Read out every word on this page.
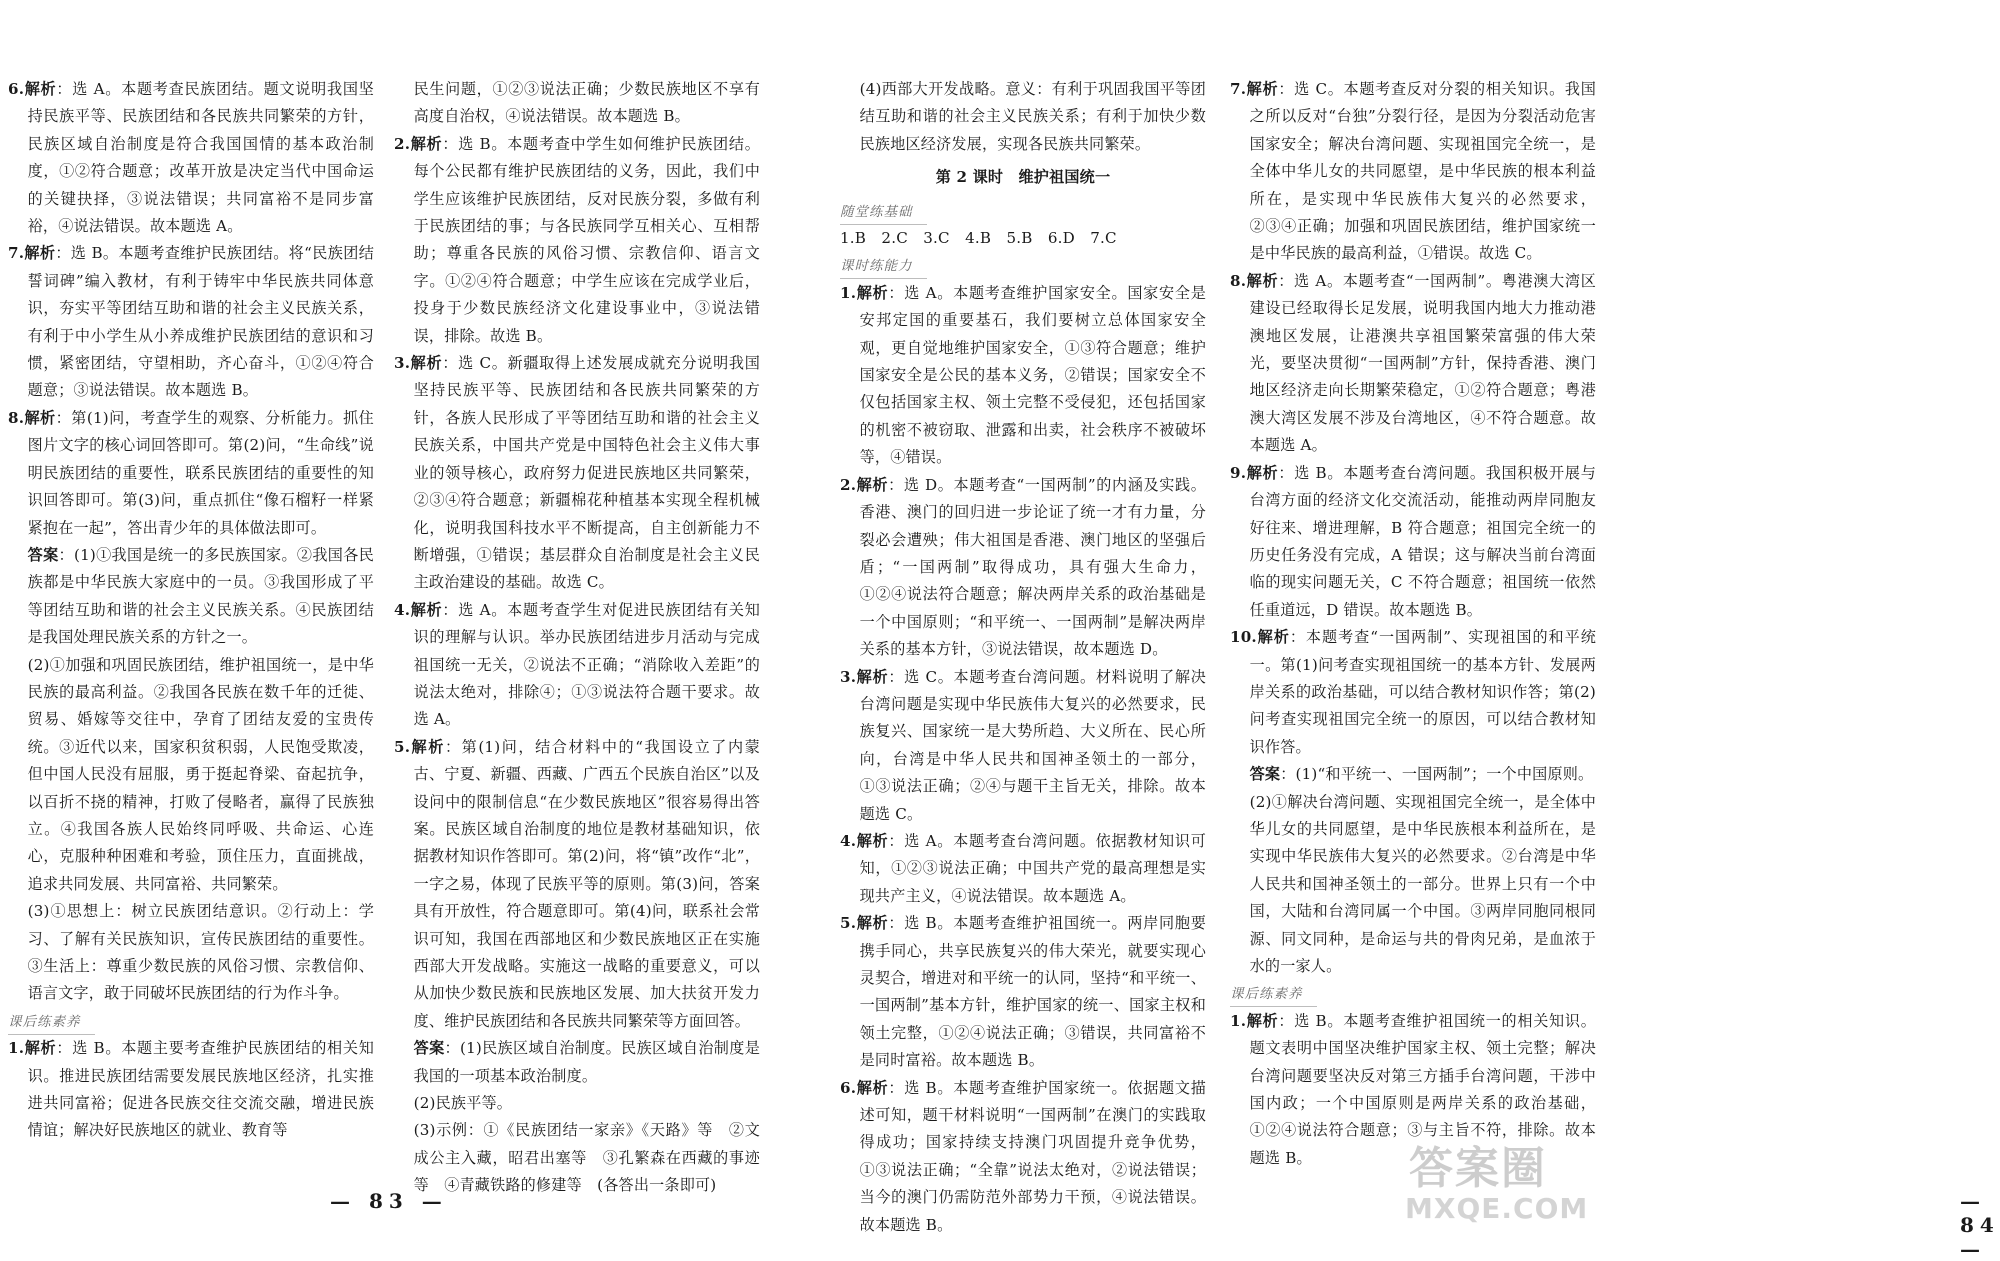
6.解析：选 A。本题考查民族团结。题文说明我国坚持民族平等、民族团结和各民族共同繁荣的方针，民族区域自治制度是符合我国国情的基本政治制度，①②符合题意；改革开放是决定当代中国命运的关键抉择，③说法错误；共同富裕不是同步富裕，④说法错误。故本题选 A。

7.解析：选 B。本题考查维护民族团结。将“民族团结誓词碑”编入教材，有利于铸牢中华民族共同体意识，夯实平等团结互助和谐的社会主义民族关系，有利于中小学生从小养成维护民族团结的意识和习惯，紧密团结，守望相助，齐心奋斗，①②④符合题意；③说法错误。故本题选 B。

8.解析：第(1)问，考查学生的观察、分析能力。抓住图片文字的核心词回答即可。第(2)问，“生命线”说明民族团结的重要性，联系民族团结的重要性的知识回答即可。第(3)问，重点抓住“像石榴籽一样紧紧抱在一起”，答出青少年的具体做法即可。

答案：(1)①我国是统一的多民族国家。②我国各民族都是中华民族大家庭中的一员。③我国形成了平等团结互助和谐的社会主义民族关系。④民族团结是我国处理民族关系的方针之一。

(2)①加强和巩固民族团结，维护祖国统一，是中华民族的最高利益。②我国各民族在数千年的迁徙、贸易、婚嫁等交往中，孕育了团结友爱的宝贵传统。③近代以来，国家积贫积弱，人民饱受欺凌，但中国人民没有屈服，勇于挺起脊梁、奋起抗争，以百折不挠的精神，打败了侵略者，赢得了民族独立。④我国各族人民始终同呼吸、共命运、心连心，克服种种困难和考验，顶住压力，直面挑战，追求共同发展、共同富裕、共同繁荣。

(3)①思想上：树立民族团结意识。②行动上：学习、了解有关民族知识，宣传民族团结的重要性。③生活上：尊重少数民族的风俗习惯、宗教信仰、语言文字，敢于同破坏民族团结的行为作斗争。

课后练素养

1.解析：选 B。本题主要考查维护民族团结的相关知识。推进民族团结需要发展民族地区经济，扎实推进共同富裕；促进各民族交往交流交融，增进民族情谊；解决好民族地区的就业、教育等

民生问题，①②③说法正确；少数民族地区不享有高度自治权，④说法错误。故本题选 B。

2.解析：选 B。本题考查中学生如何维护民族团结。每个公民都有维护民族团结的义务，因此，我们中学生应该维护民族团结，反对民族分裂，多做有利于民族团结的事；与各民族同学互相关心、互相帮助；尊重各民族的风俗习惯、宗教信仰、语言文字。①②④符合题意；中学生应该在完成学业后，投身于少数民族经济文化建设事业中，③说法错误，排除。故选 B。

3.解析：选 C。新疆取得上述发展成就充分说明我国坚持民族平等、民族团结和各民族共同繁荣的方针，各族人民形成了平等团结互助和谐的社会主义民族关系，中国共产党是中国特色社会主义伟大事业的领导核心，政府努力促进民族地区共同繁荣，②③④符合题意；新疆棉花种植基本实现全程机械化，说明我国科技水平不断提高，自主创新能力不断增强，①错误；基层群众自治制度是社会主义民主政治建设的基础。故选 C。

4.解析：选 A。本题考查学生对促进民族团结有关知识的理解与认识。举办民族团结进步月活动与完成祖国统一无关，②说法不正确；“消除收入差距”的说法太绝对，排除④；①③说法符合题干要求。故选 A。

5.解析：第(1)问，结合材料中的“我国设立了内蒙古、宁夏、新疆、西藏、广西五个民族自治区”以及设问中的限制信息“在少数民族地区”很容易得出答案。民族区域自治制度的地位是教材基础知识，依据教材知识作答即可。第(2)问，将“镇”改作“北”，一字之易，体现了民族平等的原则。第(3)问，答案具有开放性，符合题意即可。第(4)问，联系社会常识可知，我国在西部地区和少数民族地区正在实施西部大开发战略。实施这一战略的重要意义，可以从加快少数民族和民族地区发展、加大扶贫开发力度、维护民族团结和各民族共同繁荣等方面回答。

答案：(1)民族区域自治制度。民族区域自治制度是我国的一项基本政治制度。

(2)民族平等。

(3)示例：①《民族团结一家亲》《天路》等　②文成公主入藏，昭君出塞等　③孔繁森在西藏的事迹等　④青藏铁路的修建等　(各答出一条即可)

— 83 —

(4)西部大开发战略。意义：有利于巩固我国平等团结互助和谐的社会主义民族关系；有利于加快少数民族地区经济发展，实现各民族共同繁荣。

第 2 课时　维护祖国统一

随堂练基础

1.B　2.C　3.C　4.B　5.B　6.D　7.C

课时练能力

1.解析：选 A。本题考查维护国家安全。国家安全是安邦定国的重要基石，我们要树立总体国家安全观，更自觉地维护国家安全，①③符合题意；维护国家安全是公民的基本义务，②错误；国家安全不仅包括国家主权、领土完整不受侵犯，还包括国家的机密不被窃取、泄露和出卖，社会秩序不被破坏等，④错误。

2.解析：选 D。本题考查“一国两制”的内涵及实践。香港、澳门的回归进一步论证了统一才有力量，分裂必会遭殃；伟大祖国是香港、澳门地区的坚强后盾；“一国两制”取得成功，具有强大生命力，①②④说法符合题意；解决两岸关系的政治基础是一个中国原则；“和平统一、一国两制”是解决两岸关系的基本方针，③说法错误，故本题选 D。

3.解析：选 C。本题考查台湾问题。材料说明了解决台湾问题是实现中华民族伟大复兴的必然要求，民族复兴、国家统一是大势所趋、大义所在、民心所向，台湾是中华人民共和国神圣领土的一部分，①③说法正确；②④与题干主旨无关，排除。故本题选 C。

4.解析：选 A。本题考查台湾问题。依据教材知识可知，①②③说法正确；中国共产党的最高理想是实现共产主义，④说法错误。故本题选 A。

5.解析：选 B。本题考查维护祖国统一。两岸同胞要携手同心，共享民族复兴的伟大荣光，就要实现心灵契合，增进对和平统一的认同，坚持“和平统一、一国两制”基本方针，维护国家的统一、国家主权和领土完整，①②④说法正确；③错误，共同富裕不是同时富裕。故本题选 B。

6.解析：选 B。本题考查维护国家统一。依据题文描述可知，题干材料说明“一国两制”在澳门的实践取得成功；国家持续支持澳门巩固提升竞争优势，①③说法正确；“全靠”说法太绝对，②说法错误；当今的澳门仍需防范外部势力干预，④说法错误。故本题选 B。

7.解析：选 C。本题考查反对分裂的相关知识。我国之所以反对“台独”分裂行径，是因为分裂活动危害国家安全；解决台湾问题、实现祖国完全统一，是全体中华儿女的共同愿望，是中华民族的根本利益所在，是实现中华民族伟大复兴的必然要求，②③④正确；加强和巩固民族团结，维护国家统一是中华民族的最高利益，①错误。故选 C。

8.解析：选 A。本题考查“一国两制”。粤港澳大湾区建设已经取得长足发展，说明我国内地大力推动港澳地区发展，让港澳共享祖国繁荣富强的伟大荣光，要坚决贯彻“一国两制”方针，保持香港、澳门地区经济走向长期繁荣稳定，①②符合题意；粤港澳大湾区发展不涉及台湾地区，④不符合题意。故本题选 A。

9.解析：选 B。本题考查台湾问题。我国积极开展与台湾方面的经济文化交流活动，能推动两岸同胞友好往来、增进理解，B 符合题意；祖国完全统一的历史任务没有完成，A 错误；这与解决当前台湾面临的现实问题无关，C 不符合题意；祖国统一依然任重道远，D 错误。故本题选 B。

10.解析：本题考查“一国两制”、实现祖国的和平统一。第(1)问考查实现祖国统一的基本方针、发展两岸关系的政治基础，可以结合教材知识作答；第(2)问考查实现祖国完全统一的原因，可以结合教材知识作答。

答案：(1)“和平统一、一国两制”；一个中国原则。

(2)①解决台湾问题、实现祖国完全统一，是全体中华儿女的共同愿望，是中华民族根本利益所在，是实现中华民族伟大复兴的必然要求。②台湾是中华人民共和国神圣领土的一部分。世界上只有一个中国，大陆和台湾同属一个中国。③两岸同胞同根同源、同文同种，是命运与共的骨肉兄弟，是血浓于水的一家人。

课后练素养

1.解析：选 B。本题考查维护祖国统一的相关知识。题文表明中国坚决维护国家主权、领土完整；解决台湾问题要坚决反对第三方插手台湾问题，干涉中国内政；一个中国原则是两岸关系的政治基础，①②④说法符合题意；③与主旨不符，排除。故本题选 B。

— 84 —
答案圈
MXQE.COM
